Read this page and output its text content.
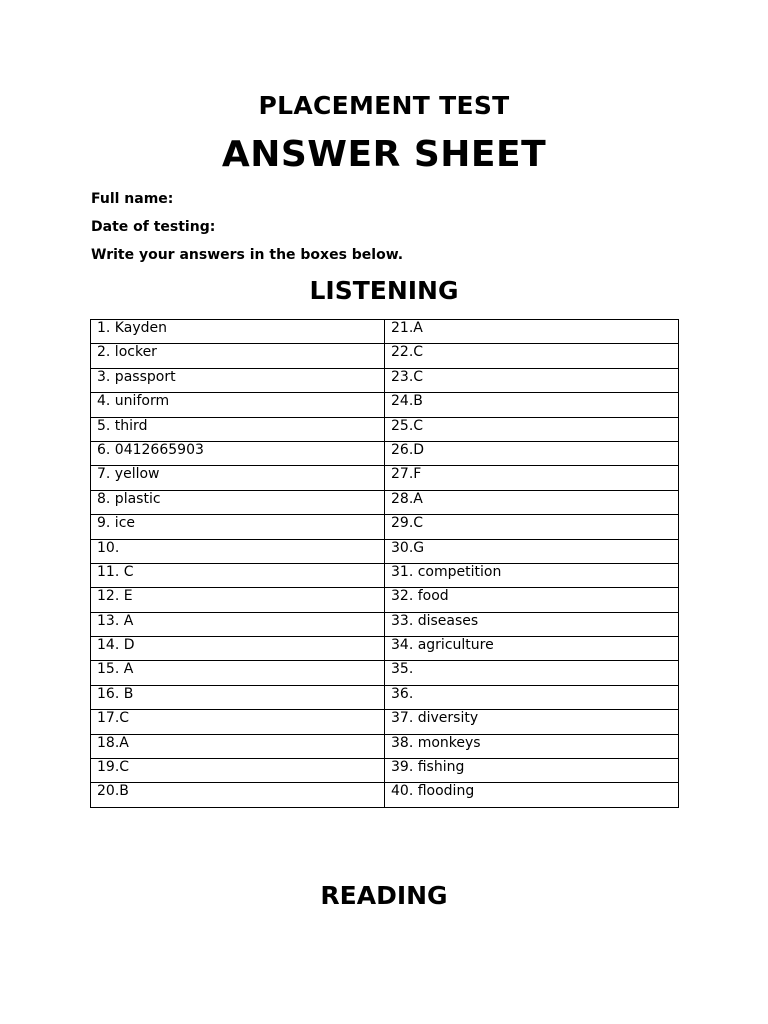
PLACEMENT TEST
ANSWER SHEET
Full name:
Date of testing:
Write your answers in the boxes below.
LISTENING
1. Kayden	21.A
2. locker	22.C
3. passport	23.C
4. uniform	24.B
5. third	25.C
6. 0412665903	26.D
7. yellow	27.F
8. plastic	28.A
9. ice	29.C
10.	30.G
11. C	31. competition
12. E	32. food
13. A	33. diseases
14. D	34. agriculture
15. A	35.
16. B	36.
17.C	37. diversity
18.A	38. monkeys
19.C	39. fishing
20.B	40. flooding
READING
